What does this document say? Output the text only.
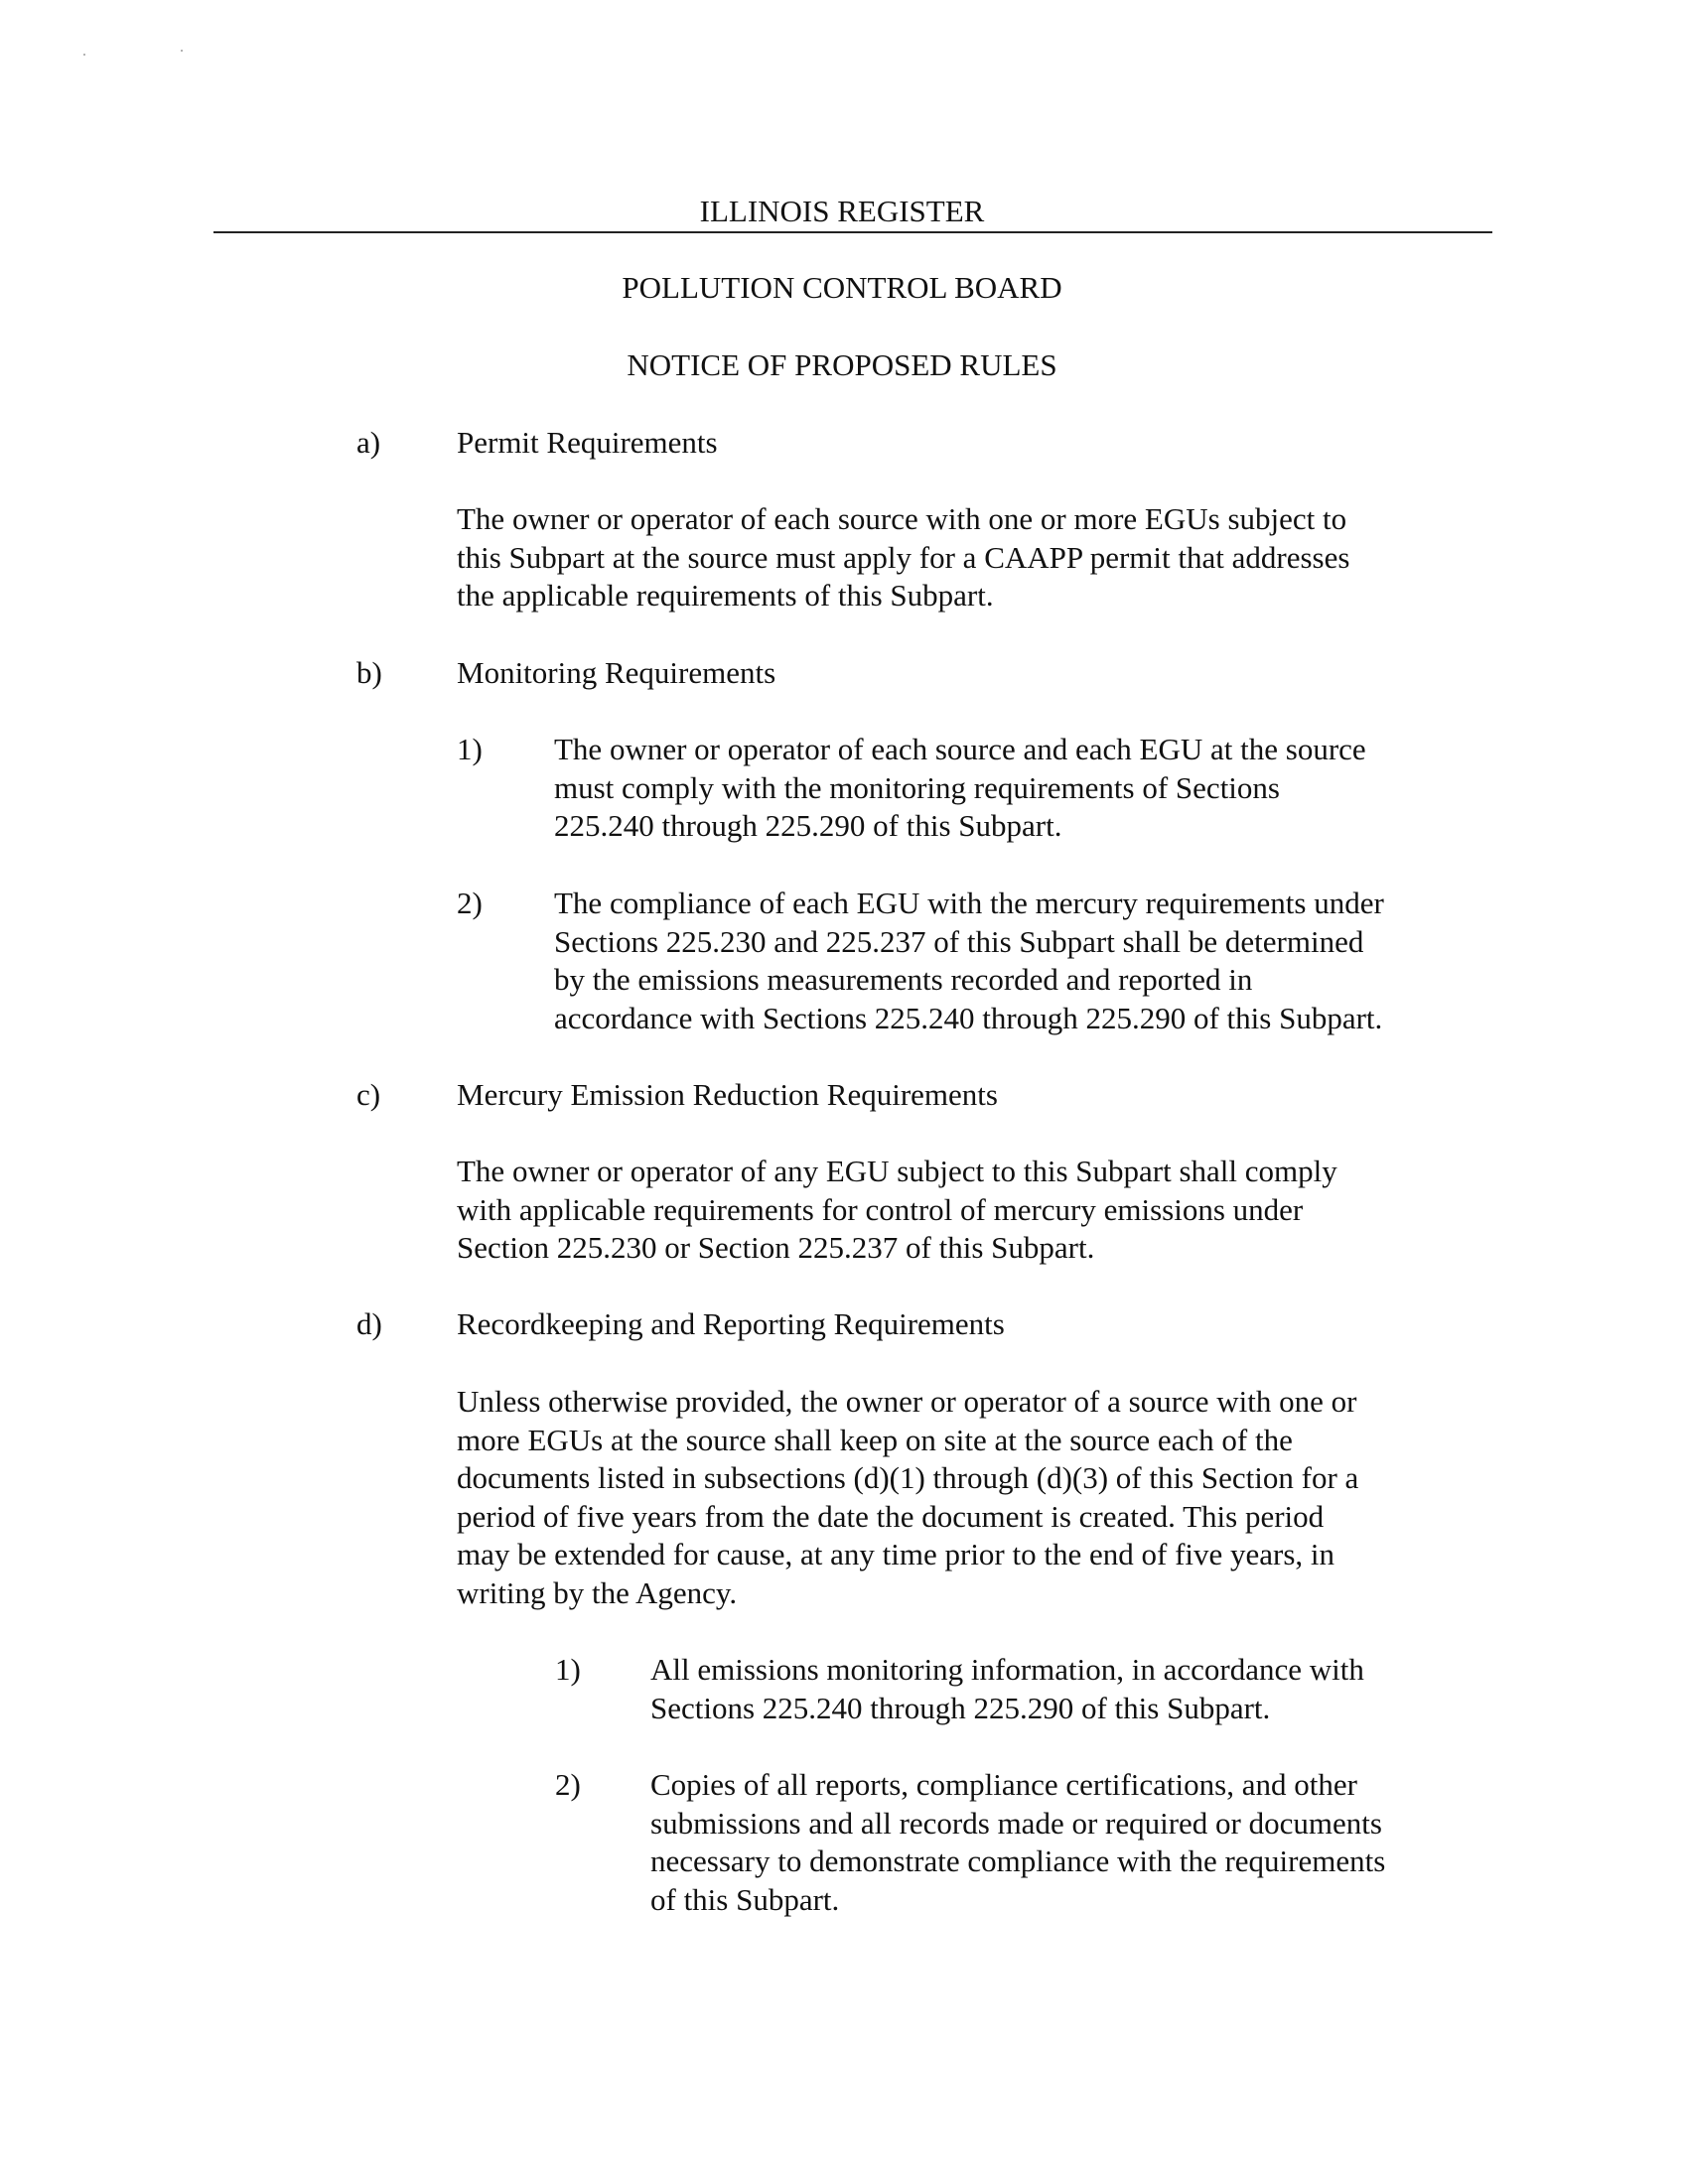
ILLINOIS REGISTER
POLLUTION CONTROL BOARD
NOTICE OF PROPOSED RULES
a) Permit Requirements
The owner or operator of each source with one or more EGUs subject to
this Subpart at the source must apply for a CAAPP permit that addresses
the applicable requirements of this Subpart.
b) Monitoring Requirements
1) The owner or operator of each source and each EGU at the source
must comply with the monitoring requirements of Sections
225.240 through 225.290 of this Subpart.
2) The compliance of each EGU with the mercury requirements under
Sections 225.230 and 225.237 of this Subpart shall be determined
by the emissions measurements recorded and reported in
accordance with Sections 225.240 through 225.290 of this Subpart.
c) Mercury Emission Reduction Requirements
The owner or operator of any EGU subject to this Subpart shall comply
with applicable requirements for control of mercury emissions under
Section 225.230 or Section 225.237 of this Subpart.
d) Recordkeeping and Reporting Requirements
Unless otherwise provided, the owner or operator of a source with one or
more EGUs at the source shall keep on site at the source each of the
documents listed in subsections (d)(1) through (d)(3) of this Section for a
period of five years from the date the document is created. This period
may be extended for cause, at any time prior to the end of five years, in
writing by the Agency.
1) All emissions monitoring information, in accordance with
Sections 225.240 through 225.290 of this Subpart.
2) Copies of all reports, compliance certifications, and other
submissions and all records made or required or documents
necessary to demonstrate compliance with the requirements
of this Subpart.
